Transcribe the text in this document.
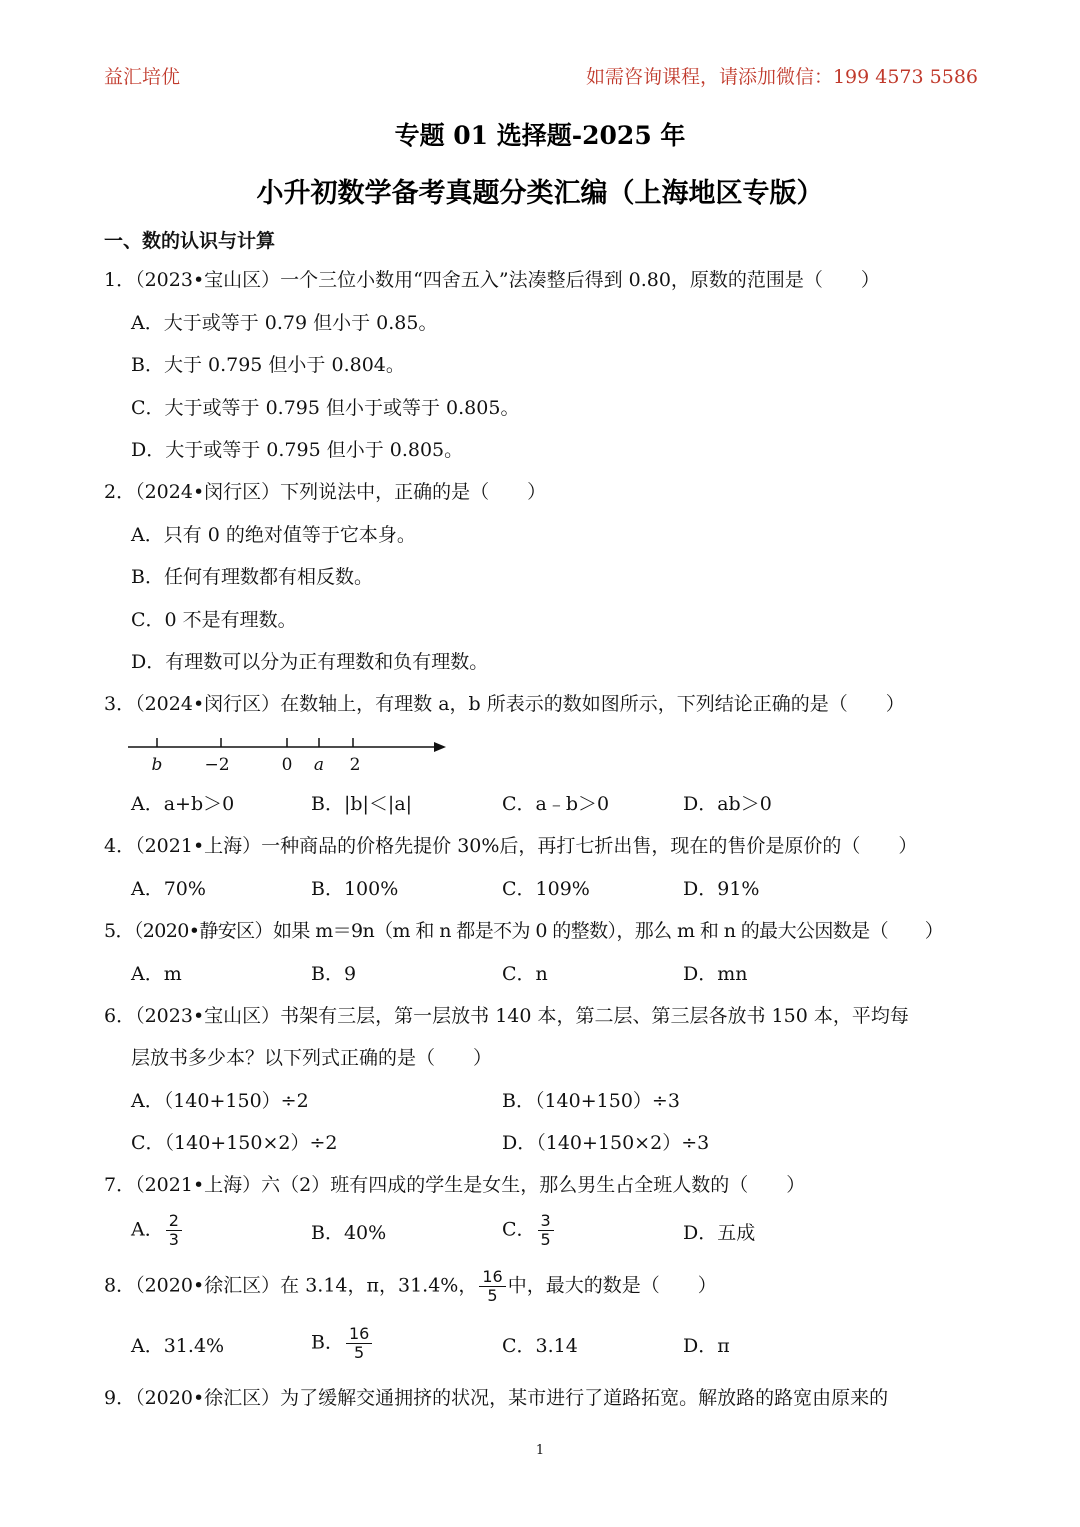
益汇培优	如需咨询课程，请添加微信：199 4573 5586
专题 01 选择题-2025 年
小升初数学备考真题分类汇编（上海地区专版）
一、数的认识与计算
1．（2023•宝山区）一个三位小数用“四舍五入”法凑整后得到 0.80，原数的范围是（　　）
A．大于或等于 0.79 但小于 0.85。
B．大于 0.795 但小于 0.804。
C．大于或等于 0.795 但小于或等于 0.805。
D．大于或等于 0.795 但小于 0.805。
2．（2024•闵行区）下列说法中，正确的是（　　）
A．只有 0 的绝对值等于它本身。
B．任何有理数都有相反数。
C．0 不是有理数。
D．有理数可以分为正有理数和负有理数。
3．（2024•闵行区）在数轴上，有理数 a，b 所表示的数如图所示，下列结论正确的是（　　）
b −2	0 a 2
A．a+b＞0	B．|b|＜|a|	C．a﹣b＞0	D．ab＞0
4．（2021•上海）一种商品的价格先提价 30%后，再打七折出售，现在的售价是原价的（　　）
A．70%	B．100%	C．109%	D．91%
5．（2020•静安区）如果 m＝9n（m 和 n 都是不为 0 的整数），那么 m 和 n 的最大公因数是（　　）
A．m	B．9	C．n	D．mn
6．（2023•宝山区）书架有三层，第一层放书 140 本，第二层、第三层各放书 150 本，平均每
层放书多少本？以下列式正确的是（　　）
A．（140+150）÷2	B．（140+150）÷3
C．（140+150×2）÷2	D．（140+150×2）÷3
7．（2021•上海）六（2）班有四成的学生是女生，那么男生占全班人数的（　　）
A． $\frac{2}{3}$	B．40%	C． $\frac{3}{5}$	D．五成
8．（2020•徐汇区）在 3.14，π，31.4%， $\frac{16}{5}$ 中，最大的数是（　　）
A．31.4%	B． $\frac{16}{5}$	C．3.14	D．π
9．（2020•徐汇区）为了缓解交通拥挤的状况，某市进行了道路拓宽。解放路的路宽由原来的
1
